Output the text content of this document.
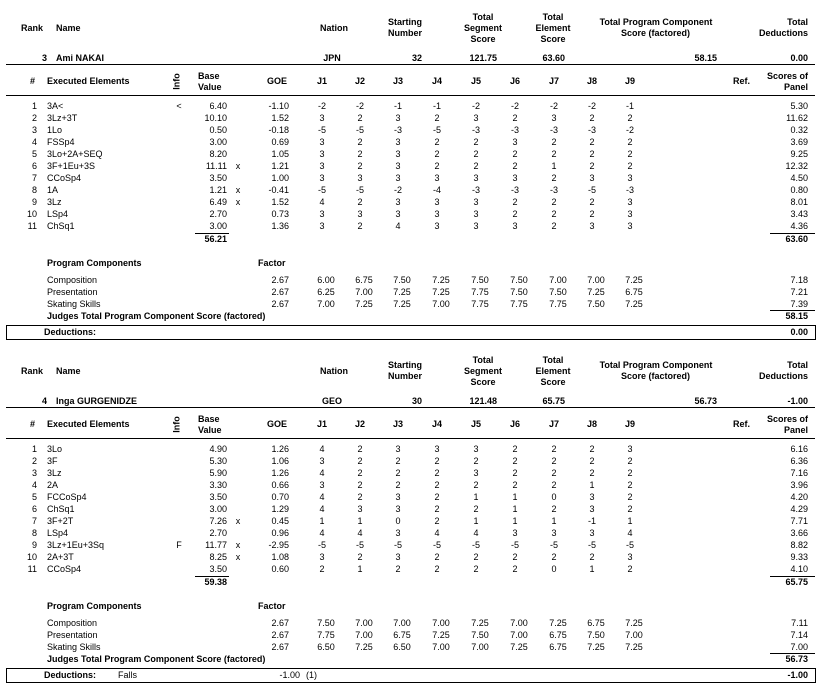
Rank Name	Nation
Starting
Number
Total
Segment
Score
Total
Element
Score
Total Program Component
Score (factored)
Total
Deductions
3 Ami NAKAI	JPN	32	121.75	63.60	58.15	0.00
# Executed Elements	Info Base
Value
GOE	J1	J2	J3	J4	J5	J6	J7	J8	J9	Ref.	Scores of
Panel
1 3A<	<	6.40	-1.10	-2	-2	-1	-1	-2	-2	-2	-2	-1	5.30
2 3Lz+3T	10.10	1.52	3	2	3	2	3	2	3	2	2	11.62
3 1Lo	0.50	-0.18	-5	-5	-3	-5	-3	-3	-3	-3	-2	0.32
4 FSSp4	3.00	0.69	3	2	3	2	2	3	2	2	2	3.69
5 3Lo+2A+SEQ	8.20	1.05	3	2	3	2	2	2	2	2	2	9.25
6 3F+1Eu+3S	11.11 x	1.21	3	2	3	2	2	2	1	2	2	12.32
7 CCoSp4	3.50	1.00	3	3	3	3	3	3	2	3	3	4.50
8 1A	1.21 x	-0.41	-5	-5	-2	-4	-3	-3	-3	-5	-3	0.80
9 3Lz	6.49 x	1.52	4	2	3	3	3	2	2	2	3	8.01
10 LSp4	2.70	0.73	3	3	3	3	3	2	2	2	3	3.43
11 ChSq1	3.00	1.36	3	2	4	3	3	3	2	3	3	4.36
56.21	63.60
Program Components	Factor
Composition	2.67	6.00	6.75	7.50	7.25	7.50	7.50	7.00	7.00	7.25	7.18
Presentation	2.67	6.25	7.00	7.25	7.25	7.75	7.50	7.50	7.25	6.75	7.21
Skating Skills	2.67	7.00	7.25	7.25	7.00	7.75	7.75	7.75	7.50	7.25	7.39
Judges Total Program Component Score (factored)	58.15
Deductions:	0.00
Rank Name	Nation
Starting
Number
Total
Segment
Score
Total
Element
Score
Total Program Component
Score (factored)
Total
Deductions
4 Inga GURGENIDZE	GEO	30	121.48	65.75	56.73	-1.00
# Executed Elements	Info Base
Value
GOE	J1	J2	J3	J4	J5	J6	J7	J8	J9	Ref.	Scores of
Panel
1 3Lo	4.90	1.26	4	2	3	3	3	2	2	2	3	6.16
2 3F	5.30	1.06	3	2	2	2	2	2	2	2	2	6.36
3 3Lz	5.90	1.26	4	2	2	2	3	2	2	2	2	7.16
4 2A	3.30	0.66	3	2	2	2	2	2	2	1	2	3.96
5 FCCoSp4	3.50	0.70	4	2	3	2	1	1	0	3	2	4.20
6 ChSq1	3.00	1.29	4	3	3	2	2	1	2	3	2	4.29
7 3F+2T	7.26 x	0.45	1	1	0	2	1	1	1	-1	1	7.71
8 LSp4	2.70	0.96	4	4	3	4	4	3	3	3	4	3.66
9 3Lz+1Eu+3Sq	F	11.77 x	-2.95	-5	-5	-5	-5	-5	-5	-5	-5	-5	8.82
10 2A+3T	8.25 x	1.08	3	2	3	2	2	2	2	2	3	9.33
11 CCoSp4	3.50	0.60	2	1	2	2	2	2	0	1	2	4.10
59.38	65.75
Program Components	Factor
Composition	2.67	7.50	7.00	7.00	7.00	7.25	7.00	7.25	6.75	7.25	7.11
Presentation	2.67	7.75	7.00	6.75	7.25	7.50	7.00	6.75	7.50	7.00	7.14
Skating Skills	2.67	6.50	7.25	6.50	7.00	7.00	7.25	6.75	7.25	7.25	7.00
Judges Total Program Component Score (factored)	56.73
Deductions: Falls	-1.00 (1)	-1.00
